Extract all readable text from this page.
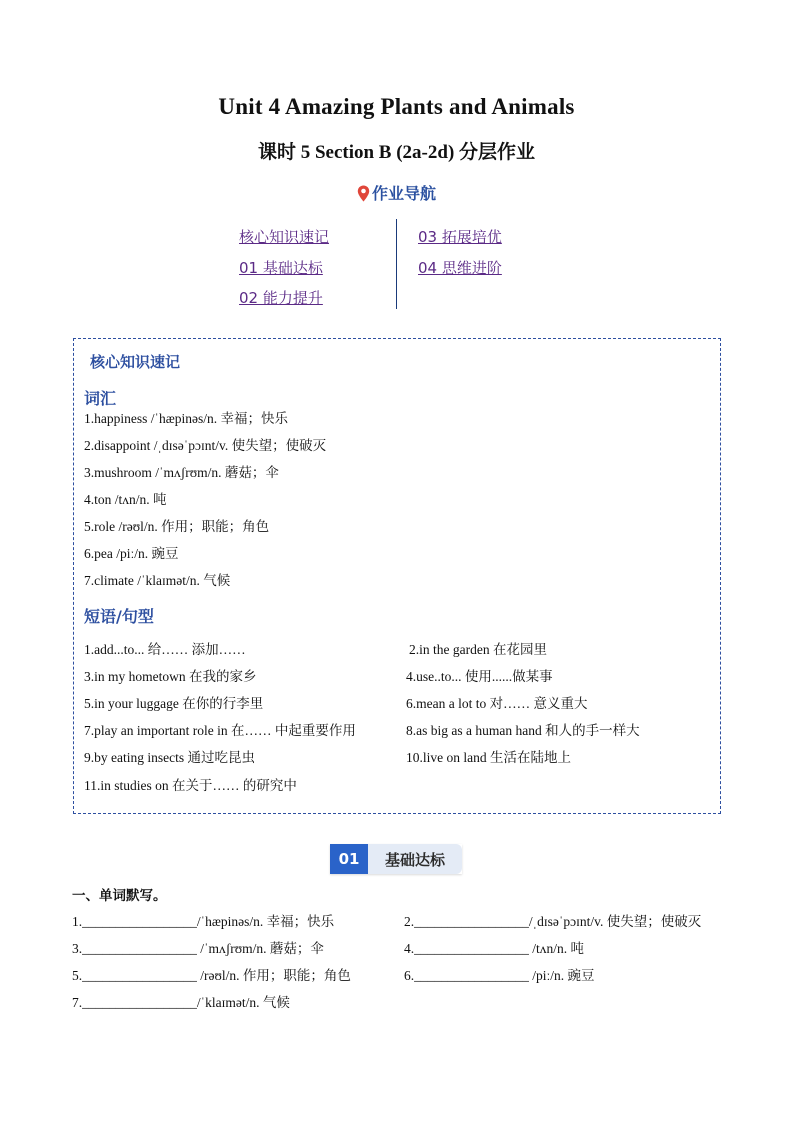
Unit 4 Amazing Plants and Animals
课时 5 Section B (2a-2d) 分层作业
作业导航
核心知识速记
01 基础达标
02 能力提升
03 拓展培优
04 思维进阶
核心知识速记
词汇
1.happiness /ˈhæpinəs/n. 幸福；快乐
2.disappoint /ˌdɪsəˈpɔɪnt/v. 使失望；使破灭
3.mushroom /ˈmʌʃrʊm/n. 蘑菇；伞
4.ton /tʌn/n. 吨
5.role /rəʊl/n. 作用；职能；角色
6.pea /piː/n. 豌豆
7.climate /ˈklaɪmət/n. 气候
短语/句型
1.add...to... 给…… 添加……	2.in the garden 在花园里
3.in my hometown 在我的家乡	4.use..to... 使用......做某事
5.in your luggage 在你的行李里	6.mean a lot to 对…… 意义重大
7.play an important role in 在…… 中起重要作用	8.as big as a human hand 和人的手一样大
9.by eating insects 通过吃昆虫	10.live on land 生活在陆地上
11.in studies on 在关于…… 的研究中
01	基础达标
一、单词默写。
1._________________/ˈhæpinəs/n. 幸福；快乐	2._________________/ˌdɪsəˈpɔɪnt/v. 使失望；使破灭
3._________________ /ˈmʌʃrʊm/n. 蘑菇；伞	4._________________ /tʌn/n. 吨
5._________________ /rəʊl/n. 作用；职能；角色	6._________________ /piː/n. 豌豆
7._________________/ˈklaɪmət/n. 气候
